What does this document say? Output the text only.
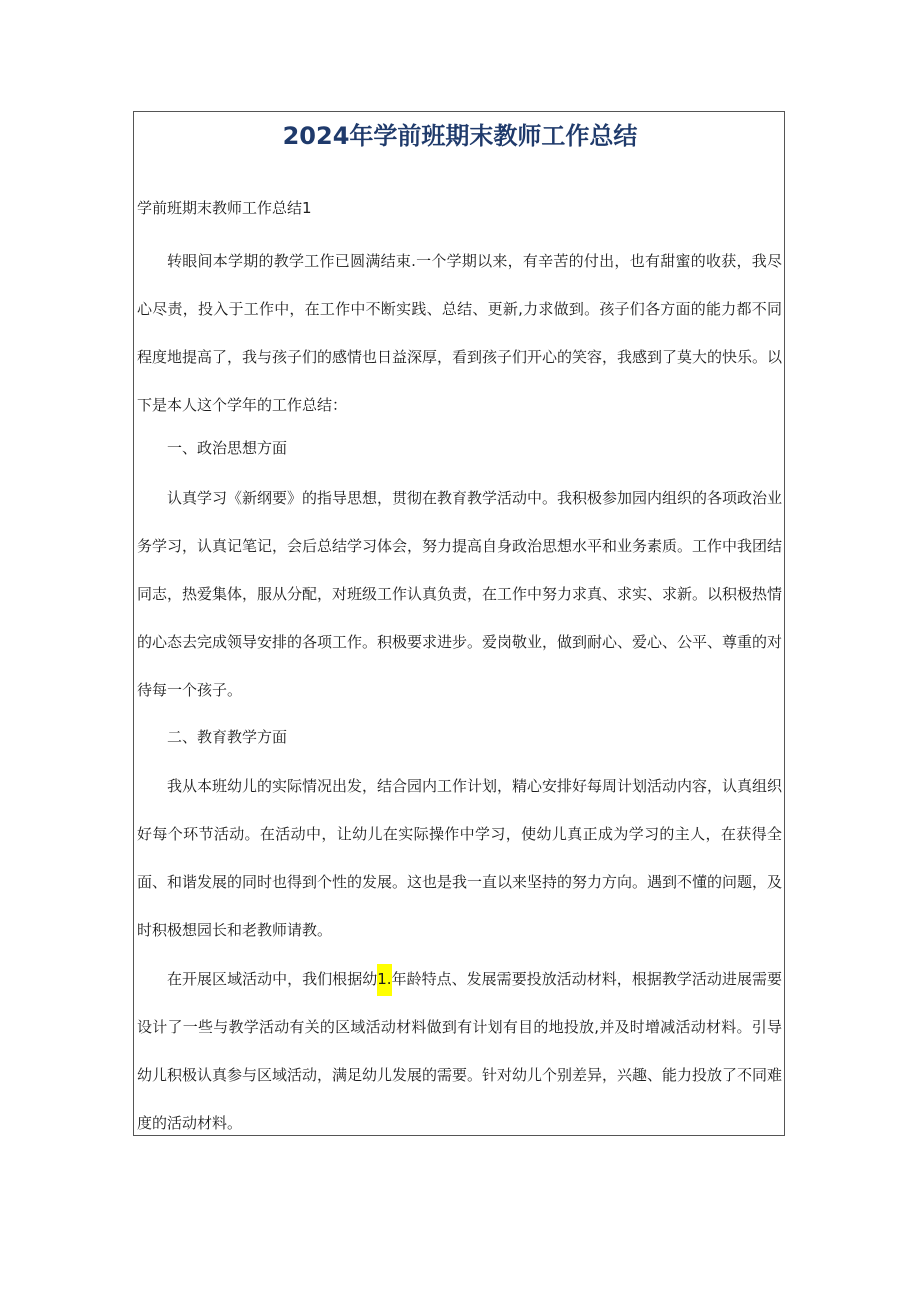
2024年学前班期末教师工作总结
学前班期末教师工作总结1

转眼间本学期的教学工作已圆满结束.一个学期以来，有辛苦的付出，也有甜蜜的收获，我尽心尽责，投入于工作中，在工作中不断实践、总结、更新,力求做到。孩子们各方面的能力都不同程度地提高了，我与孩子们的感情也日益深厚，看到孩子们开心的笑容，我感到了莫大的快乐。以下是本人这个学年的工作总结：

一、政治思想方面

认真学习《新纲要》的指导思想，贯彻在教育教学活动中。我积极参加园内组织的各项政治业务学习，认真记笔记，会后总结学习体会，努力提高自身政治思想水平和业务素质。工作中我团结同志，热爱集体，服从分配，对班级工作认真负责，在工作中努力求真、求实、求新。以积极热情的心态去完成领导安排的各项工作。积极要求进步。爱岗敬业，做到耐心、爱心、公平、尊重的对待每一个孩子。

二、教育教学方面

我从本班幼儿的实际情况出发，结合园内工作计划，精心安排好每周计划活动内容，认真组织好每个环节活动。在活动中，让幼儿在实际操作中学习，使幼儿真正成为学习的主人，在获得全面、和谐发展的同时也得到个性的发展。这也是我一直以来坚持的努力方向。遇到不懂的问题，及时积极想园长和老教师请教。

在开展区域活动中，我们根据幼1.年龄特点、发展需要投放活动材料，根据教学活动进展需要设计了一些与教学活动有关的区域活动材料做到有计划有目的地投放,并及时增减活动材料。引导幼儿积极认真参与区域活动，满足幼儿发展的需要。针对幼儿个别差异，兴趣、能力投放了不同难度的活动材料。
